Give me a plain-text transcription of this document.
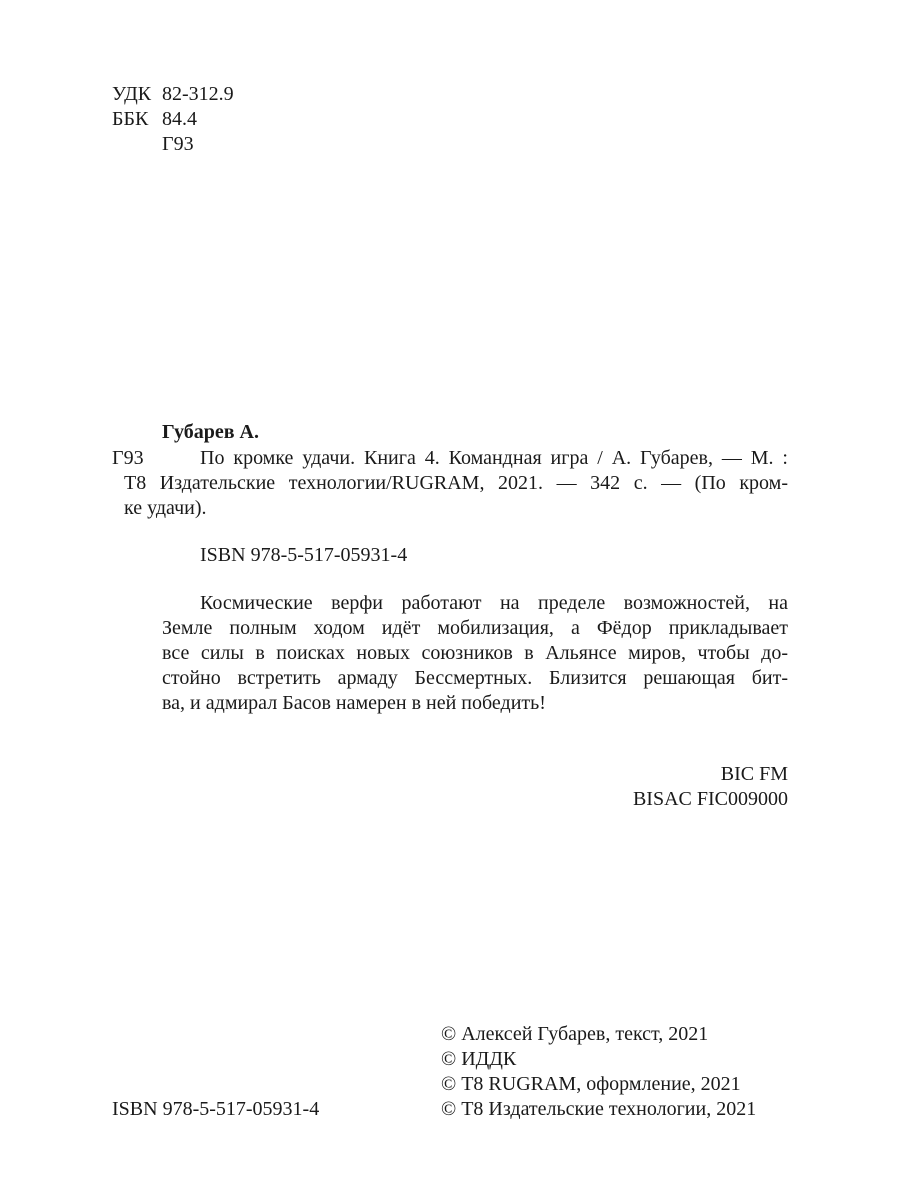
УДК 82-312.9
ББК 84.4
Г93
Губарев А.
Г93	По кромке удачи. Книга 4. Командная игра / А. Губарев, — М. :
Т8 Издательские технологии/RUGRAM, 2021. — 342 с. — (По кром-
ке удачи).
ISBN 978-5-517-05931-4
Космические верфи работают на пределе возможностей, на
Земле полным ходом идёт мобилизация, а Фёдор прикладывает
все силы в поисках новых союзников в Альянсе миров, чтобы до-
стойно встретить армаду Бессмертных. Близится решающая бит-
ва, и адмирал Басов намерен в ней победить!
BIC FM
BISAC FIC009000
© Алексей Губарев, текст, 2021
© ИДДК
© Т8 RUGRAM, оформление, 2021
© Т8 Издательские технологии, 2021
ISBN 978-5-517-05931-4
